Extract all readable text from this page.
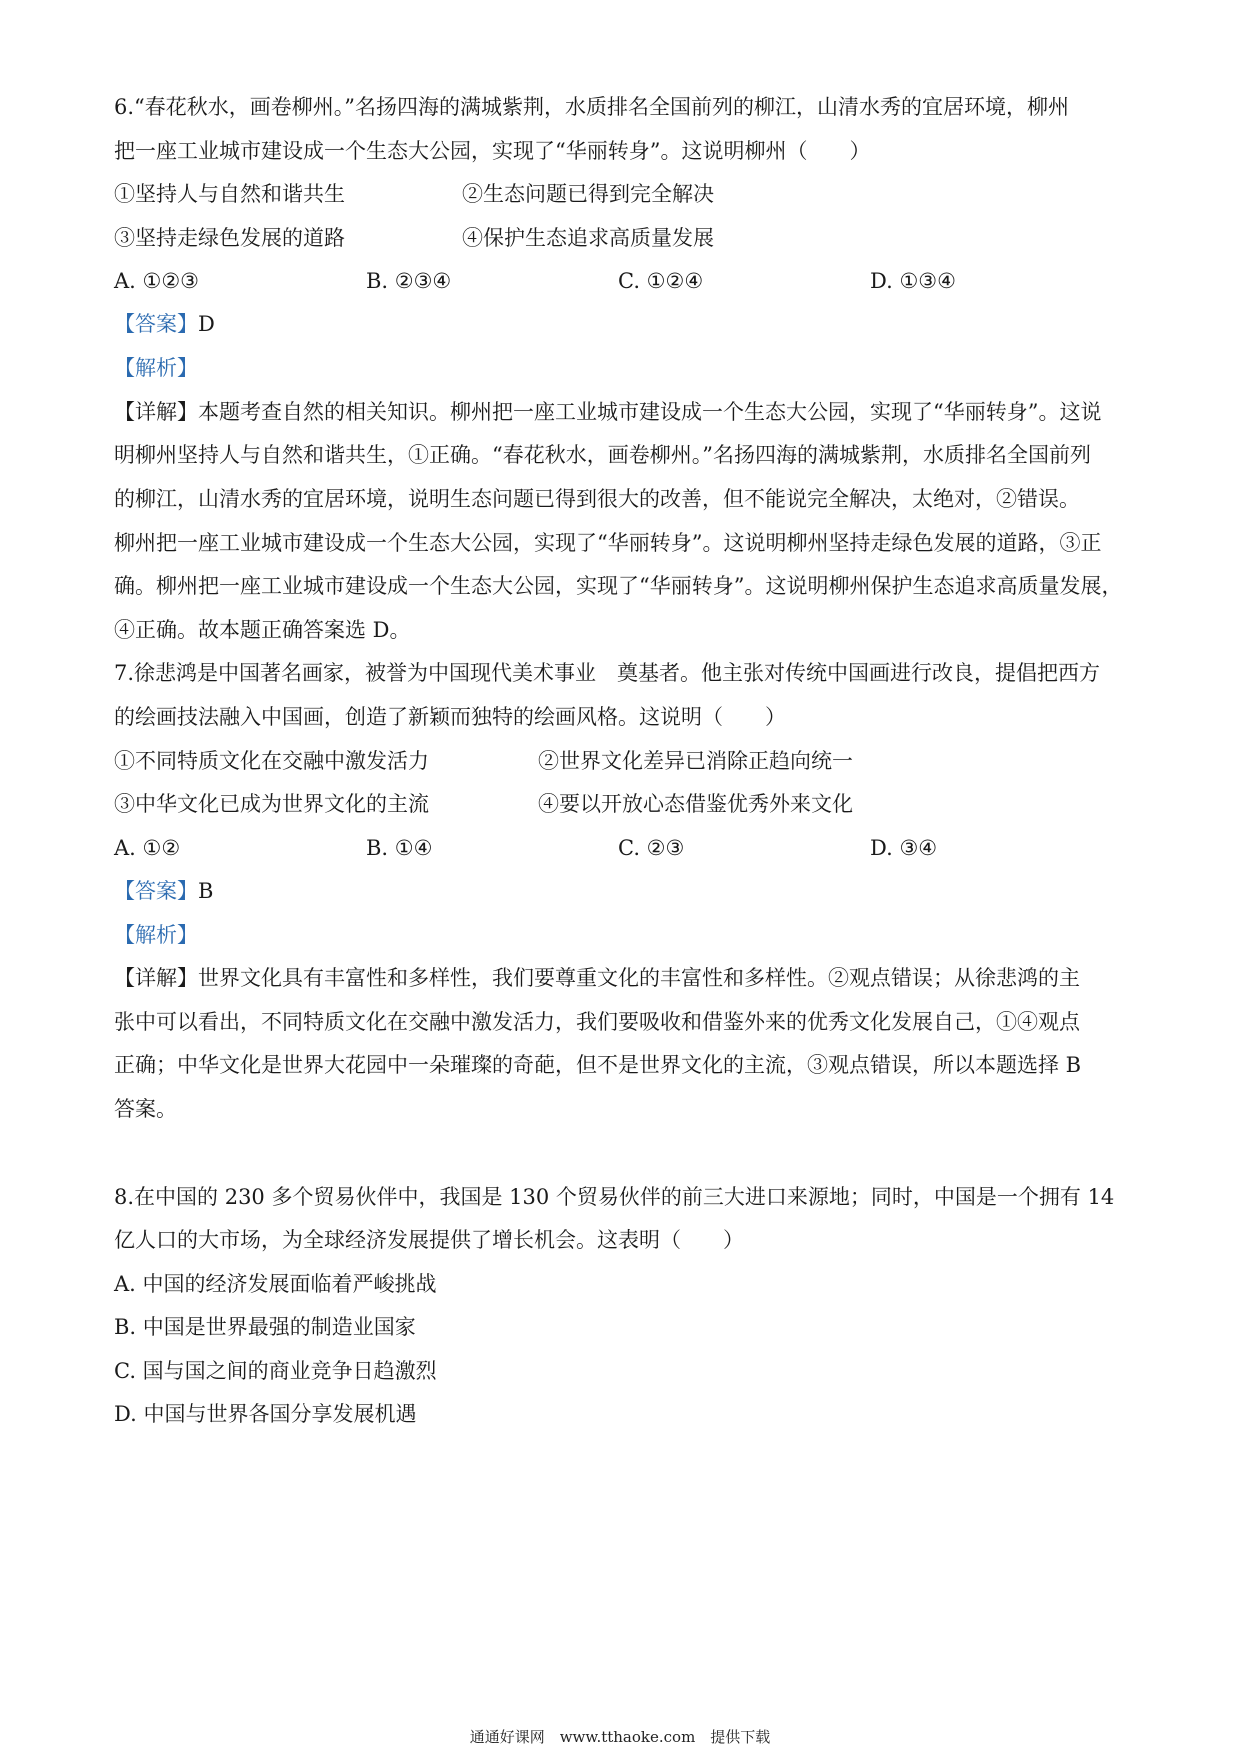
6.“春花秋水，画卷柳州。”名扬四海的满城紫荆，水质排名全国前列的柳江，山清水秀的宜居环境，柳州
把一座工业城市建设成一个生态大公园，实现了“华丽转身”。这说明柳州（　　）
①坚持人与自然和谐共生	②生态问题已得到完全解决
③坚持走绿色发展的道路	④保护生态追求高质量发展
A. ①②③	B. ②③④	C. ①②④	D. ①③④
【答案】D
【解析】
【详解】本题考查自然的相关知识。柳州把一座工业城市建设成一个生态大公园，实现了“华丽转身”。这说
明柳州坚持人与自然和谐共生，①正确。“春花秋水，画卷柳州。”名扬四海的满城紫荆，水质排名全国前列
的柳江，山清水秀的宜居环境，说明生态问题已得到很大的改善，但不能说完全解决，太绝对，②错误。
柳州把一座工业城市建设成一个生态大公园，实现了“华丽转身”。这说明柳州坚持走绿色发展的道路，③正
确。柳州把一座工业城市建设成一个生态大公园，实现了“华丽转身”。这说明柳州保护生态追求高质量发展，
④正确。故本题正确答案选 D。
7.徐悲鸿是中国著名画家，被誉为中国现代美术事业　奠基者。他主张对传统中国画进行改良，提倡把西方
的绘画技法融入中国画，创造了新颖而独特的绘画风格。这说明（　　）
①不同特质文化在交融中激发活力	②世界文化差异已消除正趋向统一
③中华文化已成为世界文化的主流	④要以开放心态借鉴优秀外来文化
A. ①②	B. ①④	C. ②③	D. ③④
【答案】B
【解析】
【详解】世界文化具有丰富性和多样性，我们要尊重文化的丰富性和多样性。②观点错误；从徐悲鸿的主
张中可以看出，不同特质文化在交融中激发活力，我们要吸收和借鉴外来的优秀文化发展自己，①④观点
正确；中华文化是世界大花园中一朵璀璨的奇葩，但不是世界文化的主流，③观点错误，所以本题选择 B
答案。
8.在中国的 230 多个贸易伙伴中，我国是 130 个贸易伙伴的前三大进口来源地；同时，中国是一个拥有 14
亿人口的大市场，为全球经济发展提供了增长机会。这表明（　　）
A. 中国的经济发展面临着严峻挑战
B. 中国是世界最强的制造业国家
C. 国与国之间的商业竞争日趋激烈
D. 中国与世界各国分享发展机遇
通通好课网　www.tthaoke.com　提供下载
